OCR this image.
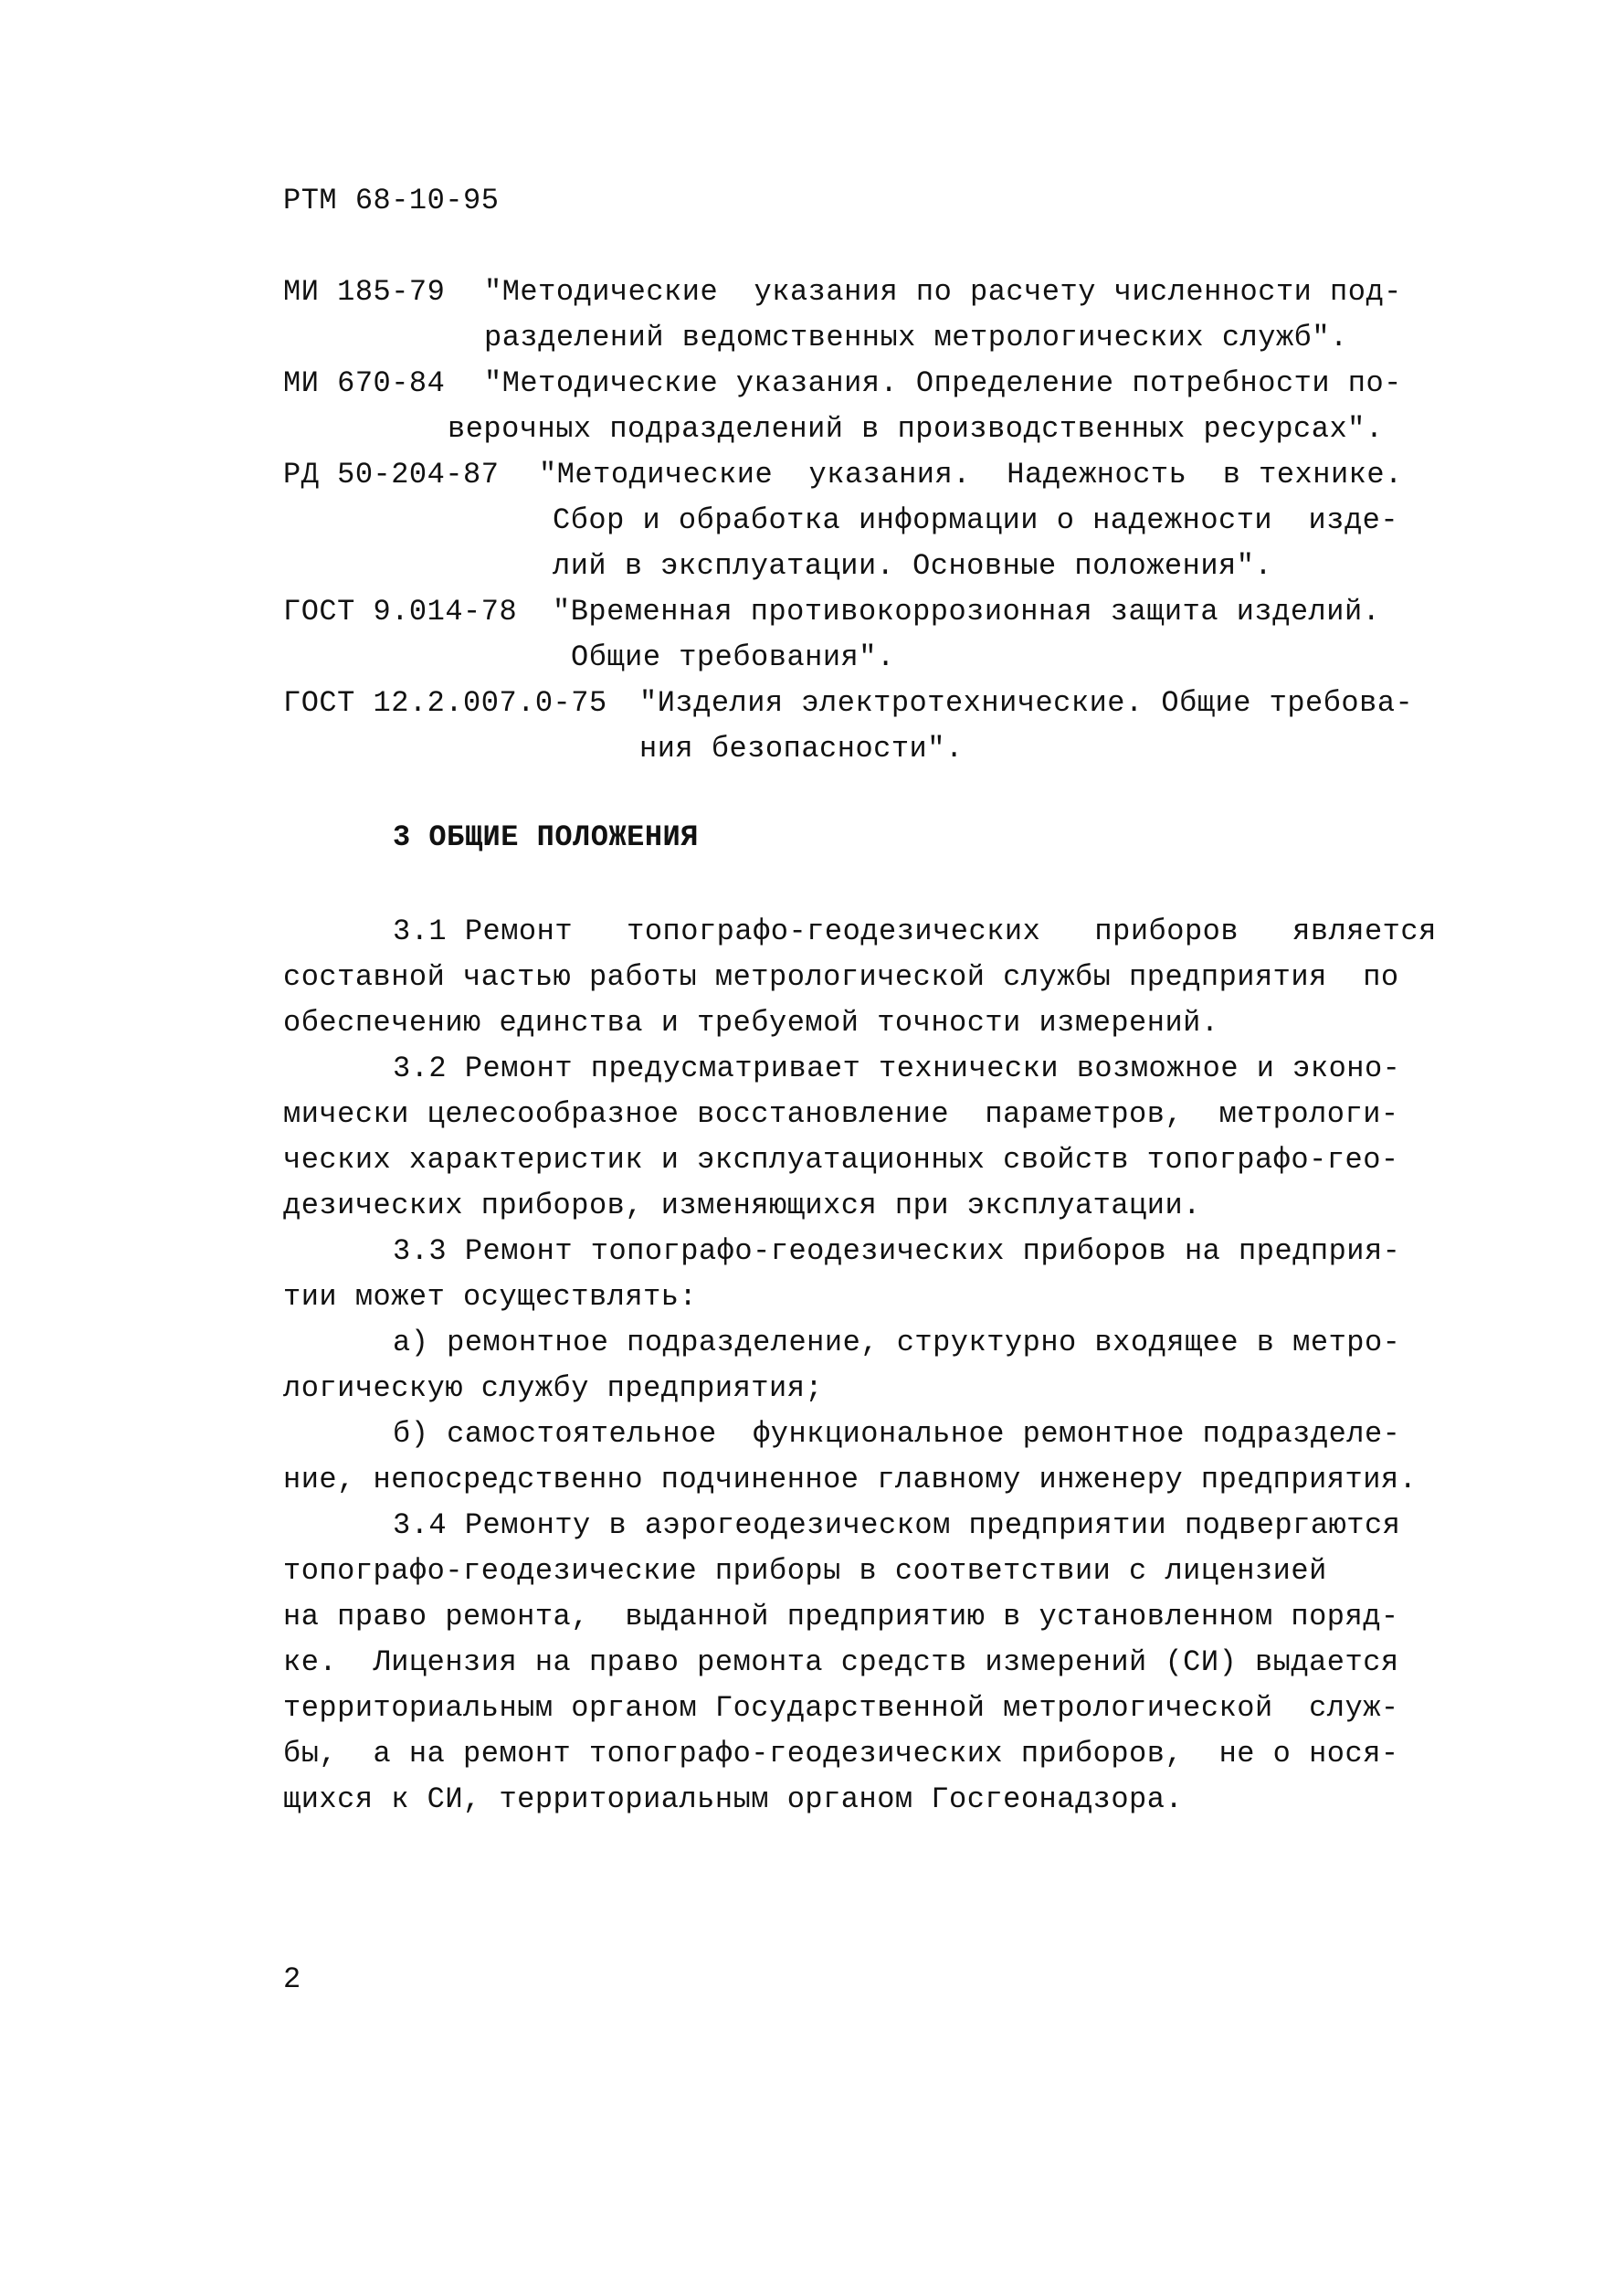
РТМ 68-10-95
МИ 185-79 "Методические  указания по расчету численности под-
разделений ведомственных метрологических служб".
МИ 670-84 "Методические указания. Определение потребности по-
верочных подразделений в производственных ресурсах".
РД 50-204-87 "Методические  указания.  Надежность  в технике.
Сбор и обработка информации о надежности  изде-
лий в эксплуатации. Основные положения".
ГОСТ 9.014-78 "Временная противокоррозионная защита изделий.
Общие требования".
ГОСТ 12.2.007.0-75 "Изделия электротехнические. Общие требова-
ния безопасности".
3 ОБЩИЕ ПОЛОЖЕНИЯ
3.1 Ремонт   топографо-геодезических   приборов   является
составной частью работы метрологической службы предприятия  по
обеспечению единства и требуемой точности измерений.
3.2 Ремонт предусматривает технически возможное и эконо-
мически целесообразное восстановление  параметров,  метрологи-
ческих характеристик и эксплуатационных свойств топографо-гео-
дезических приборов, изменяющихся при эксплуатации.
3.3 Ремонт топографо-геодезических приборов на предприя-
тии может осуществлять:
а) ремонтное подразделение, структурно входящее в метро-
логическую службу предприятия;
б) самостоятельное  функциональное ремонтное подразделе-
ние, непосредственно подчиненное главному инженеру предприятия.
3.4 Ремонту в аэрогеодезическом предприятии подвергаются
топографо-геодезические приборы в соответствии с лицензией
на право ремонта,  выданной предприятию в установленном поряд-
ке.  Лицензия на право ремонта средств измерений (СИ) выдается
территориальным органом Государственной метрологической  служ-
бы,  а на ремонт топографо-геодезических приборов,  не о нося-
щихся к СИ, территориальным органом Госгеонадзора.
2
